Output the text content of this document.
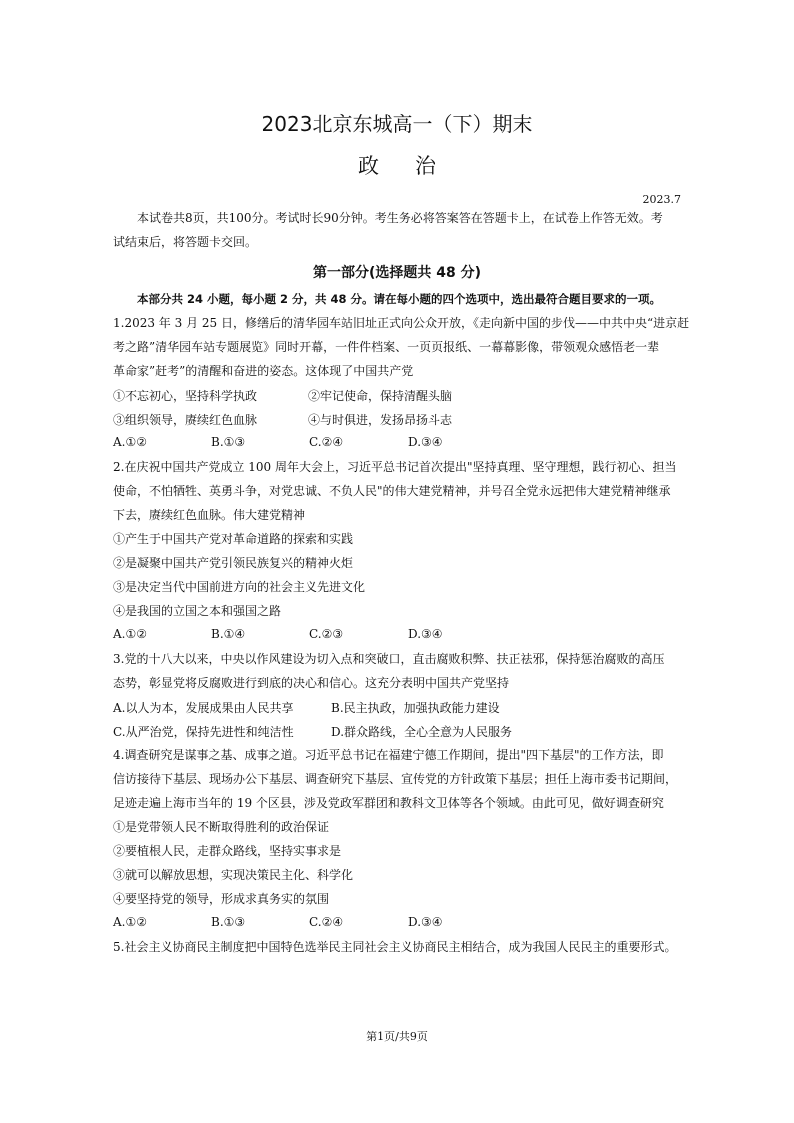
2023北京东城高一（下）期末
政 治
2023.7
本试卷共8页，共100分。考试时长90分钟。考生务必将答案答在答题卡上，在试卷上作答无效。考
试结束后，将答题卡交回。
第一部分(选择题共 48 分)
本部分共 24 小题，每小题 2 分，共 48 分。请在每小题的四个选项中，选出最符合题目要求的一项。
1.2023 年 3 月 25 日，修缮后的清华园车站旧址正式向公众开放，《走向新中国的步伐——中共中央“进京赶
考之路”清华园车站专题展览》同时开幕，一件件档案、一页页报纸、一幕幕影像，带领观众感悟老一辈
革命家”赶考”的清醒和奋进的姿态。这体现了中国共产党
①不忘初心，坚持科学执政	②牢记使命，保持清醒头脑
③组织领导，赓续红色血脉	④与时俱进，发扬昂扬斗志
A.①②	B.①③	C.②④	D.③④
2.在庆祝中国共产党成立 100 周年大会上，习近平总书记首次提出"坚持真理、坚守理想，践行初心、担当
使命，不怕牺牲、英勇斗争，对党忠诚、不负人民"的伟大建党精神，并号召全党永远把伟大建党精神继承
下去，赓续红色血脉。伟大建党精神
①产生于中国共产党对革命道路的探索和实践
②是凝聚中国共产党引领民族复兴的精神火炬
③是决定当代中国前进方向的社会主义先进文化
④是我国的立国之本和强国之路
A.①②	B.①④	C.②③	D.③④
3.党的十八大以来，中央以作风建设为切入点和突破口，直击腐败积弊、扶正祛邪，保持惩治腐败的高压
态势，彰显党将反腐败进行到底的决心和信心。这充分表明中国共产党坚持
A.以人为本，发展成果由人民共享	B.民主执政，加强执政能力建设
C.从严治党，保持先进性和纯洁性	D.群众路线，全心全意为人民服务
4.调查研究是谋事之基、成事之道。习近平总书记在福建宁德工作期间，提出"四下基层"的工作方法，即
信访接待下基层、现场办公下基层、调查研究下基层、宣传党的方针政策下基层；担任上海市委书记期间，
足迹走遍上海市当年的 19 个区县，涉及党政军群团和教科文卫体等各个领域。由此可见，做好调查研究
①是党带领人民不断取得胜利的政治保证
②要植根人民，走群众路线，坚持实事求是
③就可以解放思想，实现决策民主化、科学化
④要坚持党的领导，形成求真务实的氛围
A.①②	B.①③	C.②④	D.③④
5.社会主义协商民主制度把中国特色选举民主同社会主义协商民主相结合，成为我国人民民主的重要形式。
第1页/共9页
